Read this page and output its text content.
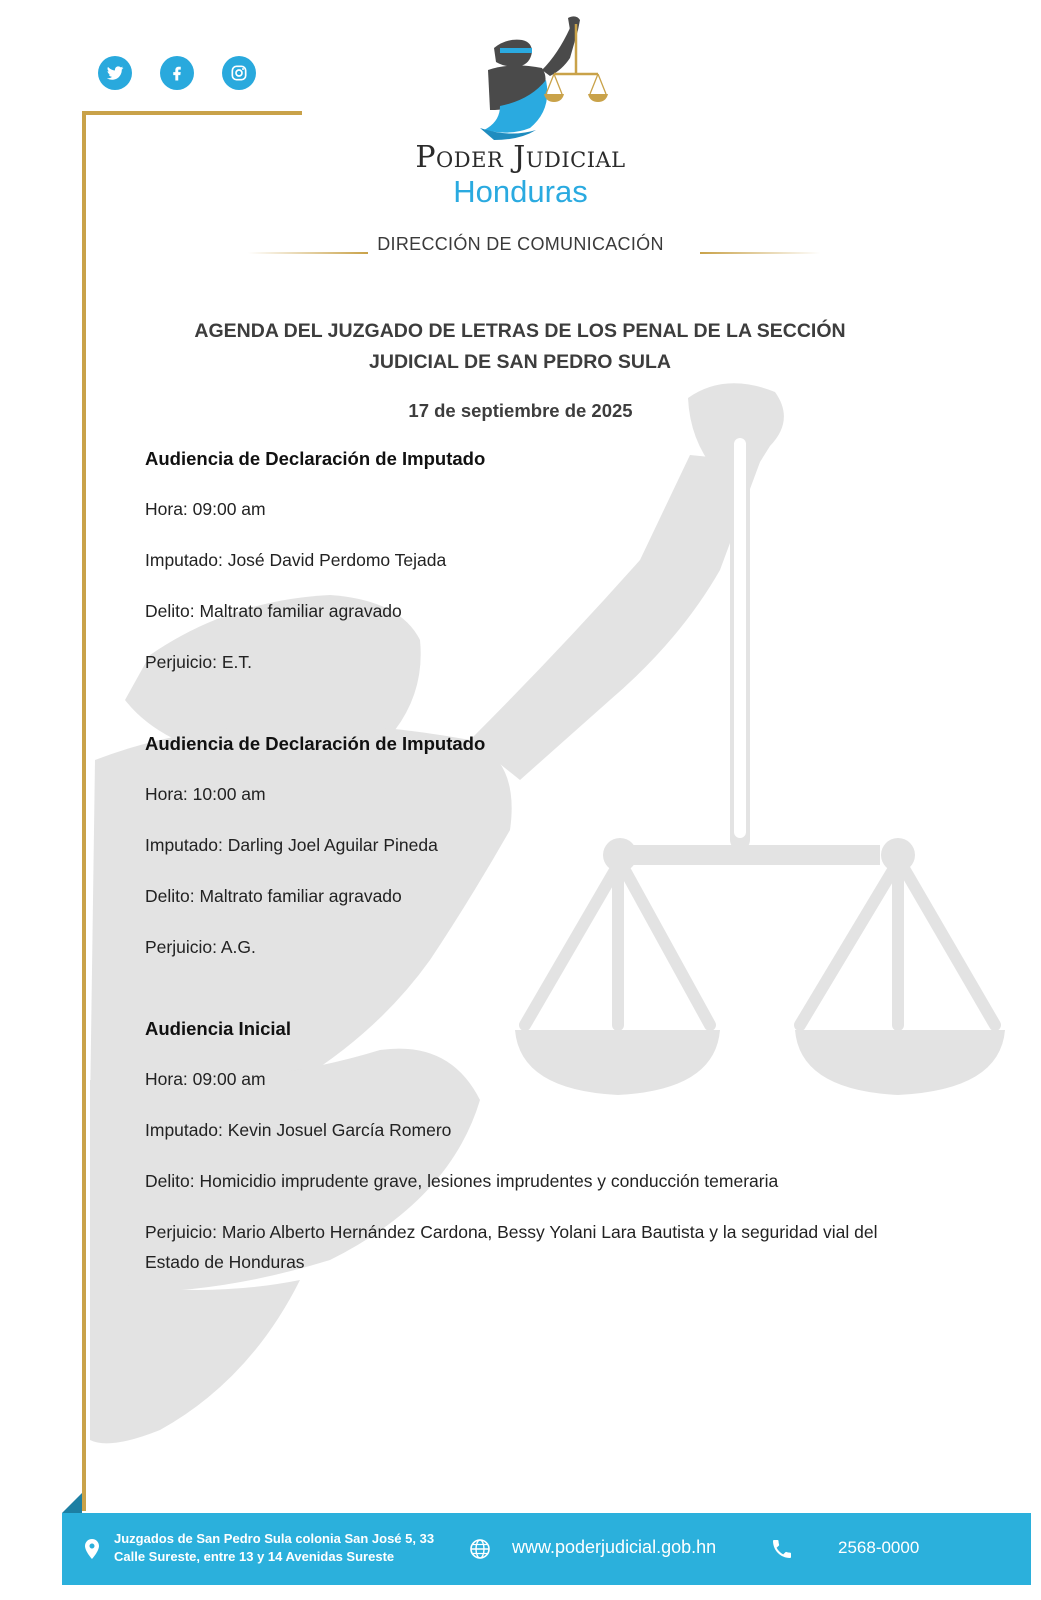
Poder Judicial
Honduras
DIRECCIÓN DE COMUNICACIÓN
AGENDA DEL JUZGADO DE LETRAS DE LOS PENAL DE LA SECCIÓN
JUDICIAL DE SAN PEDRO SULA
17 de septiembre de 2025
Audiencia de Declaración de Imputado
Hora: 09:00 am
Imputado: José David Perdomo Tejada
Delito: Maltrato familiar agravado
Perjuicio: E.T.
Audiencia de Declaración de Imputado
Hora: 10:00 am
Imputado: Darling Joel Aguilar Pineda
Delito: Maltrato familiar agravado
Perjuicio: A.G.
Audiencia Inicial
Hora: 09:00 am
Imputado: Kevin Josuel García Romero
Delito: Homicidio imprudente grave, lesiones imprudentes y conducción temeraria
Perjuicio: Mario Alberto Hernández Cardona, Bessy Yolani Lara Bautista y la seguridad vial del Estado de Honduras
Juzgados de San Pedro Sula colonia San José 5, 33
Calle Sureste, entre 13 y 14 Avenidas Sureste	www.poderjudicial.gob.hn	2568-0000
